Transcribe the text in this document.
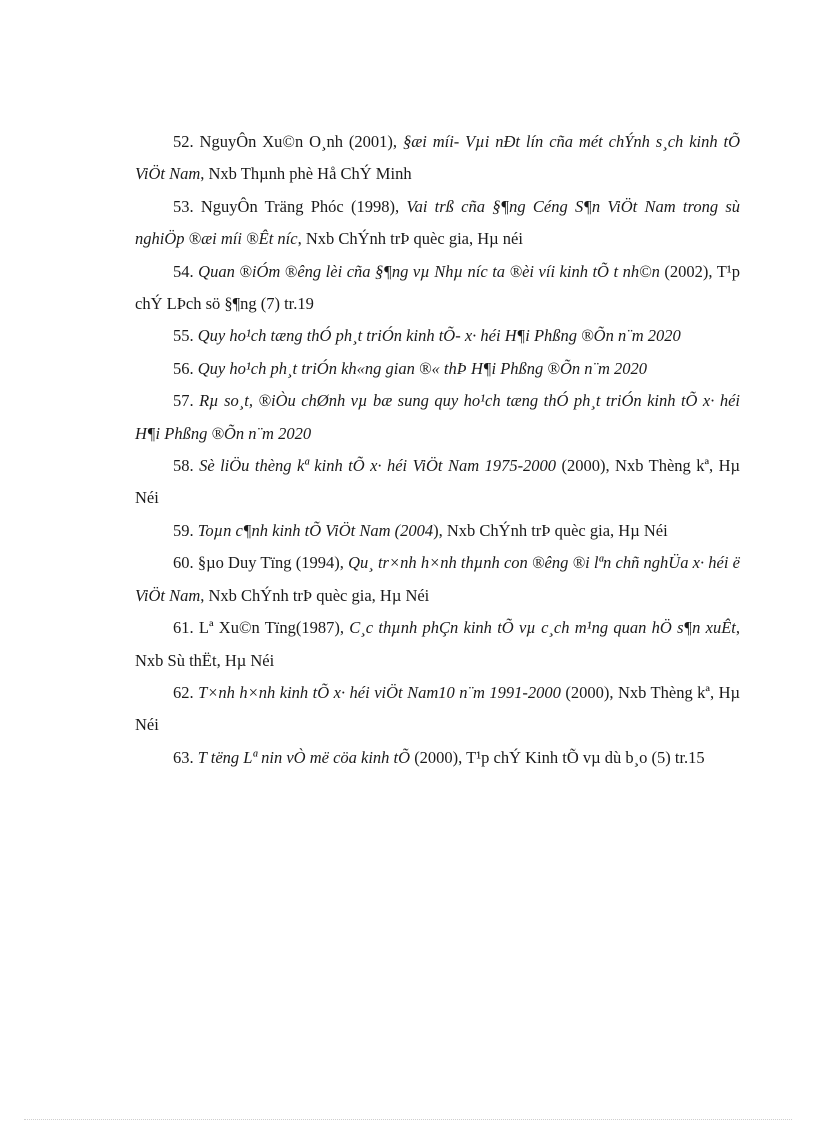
52. NguyÔn Xu©n O¸nh (2001), §æi míi- Vµi nÐt lín cña mét chÝnh s¸ch kinh tÕ ViÖt Nam, Nxb Thµnh phè Hå ChÝ Minh

53. NguyÔn Träng Phóc (1998), Vai trß cña §¶ng Céng S¶n ViÖt Nam trong sù nghiÖp ®æi míi ®Êt níc, Nxb ChÝnh trÞ quèc gia, Hµ néi

54. Quan ®iÓm ®êng lèi cña §¶ng vµ Nhµ níc ta ®èi víi kinh tÕ t nh©n (2002), T¹p chÝ LÞch sö §¶ng (7) tr.19

55. Quy ho¹ch tæng thÓ ph¸t triÓn kinh tÕ- x· héi H¶i Phßng ®Õn n¨m 2020

56. Quy ho¹ch ph¸t triÓn kh«ng gian ®« thÞ H¶i Phßng ®Õn n¨m 2020

57. Rµ so¸t, ®iÒu chØnh vµ bæ sung quy ho¹ch tæng thÓ ph¸t triÓn kinh tÕ x· héi H¶i Phßng ®Õn n¨m 2020

58. Sè liÖu thèng kª kinh tÕ x· héi ViÖt Nam 1975-2000 (2000), Nxb Thèng kª, Hµ Néi

59. Toµn c¶nh kinh tÕ ViÖt Nam (2004), Nxb ChÝnh trÞ quèc gia, Hµ Néi

60. §µo Duy Tïng (1994), Qu¸ tr×nh h×nh thµnh con ®êng ®i lªn chñ nghÜa x· héi ë ViÖt Nam, Nxb ChÝnh trÞ quèc gia, Hµ Néi

61. Lª Xu©n Tïng(1987), C¸c thµnh phÇn kinh tÕ vµ c¸ch m¹ng quan hÖ s¶n xuÊt, Nxb Sù thËt, Hµ Néi

62. T×nh h×nh kinh tÕ x· héi viÖt Nam10 n¨m 1991-2000 (2000), Nxb Thèng kª, Hµ Néi

63. T tëng Lª nin vÒ më cöa kinh tÕ (2000), T¹p chÝ Kinh tÕ vµ dù b¸o (5) tr.15
